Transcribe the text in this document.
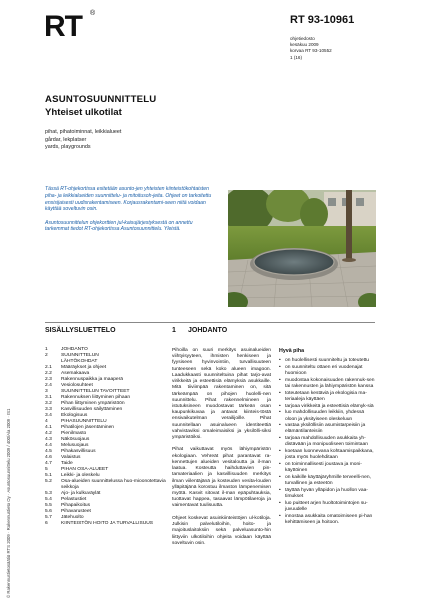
RT	®
RT 93-10961
ohjetiedosto
kesäkuu 2009
korvaa RT 93-10552
1 (16)
ASUNTOSUUNNITTELU
Yhteiset ulkotilat
pihat, pihatoiminnat, leikkialueet
gårdar, lekplatser
yards, playgrounds

Tässä RT-ohjekortissa esitetään asunto-jen yhteisten kiinteistökohtaisten piha- ja leikkialueiden suunnittelu- ja mitoitusoh-jeita. Ohjeet on tarkoitettu ensisijaisesti uudisrakentamiseen. Korjausrakentami-seen niitä voidaan käyttää soveltuvin osin.

Asuntosuunnittelun ohjekorttien jul-kaisujärjestyksestä on annettu tarkemmat tiedot RT-ohjekortissa Asuntosuunnittelu. Yleistä.

SISÄLLYSLUETTELO	1 JOHDANTO
1	JOHDANTO
2	SUUNNITTELUN
LÄHTÖKOHDAT
2.1	Määräykset ja ohjeet
2.2	Asemakaava
2.3	Rakennuspaikka ja maaperä
2.4	Vesiolosuhteet
3	SUUNNITTELUN TAVOITTEET
3.1	Rakennuksen liittyminen pihaan
3.2	Pihan liittyminen ympäristöön
3.3	Kasvillisuuden säilyttäminen
3.4	Ekologisuus
4	PIHASUUNNITTELU
4.1	Pihatilojen jäsentäminen
4.2	Pienilmasto
4.3	Näkösuojaus
4.4	Melusuojaus
4.5	Pihakasvillisuus
4.6	Valaistus
4.7	Taide
5	PIHAN OSA-ALUEET
5.1	Leikki- ja oleskelu
5.2	Osa-alueiden suunnittelussa huo-mioonotettavia seikkoja
5.3	Ajo- ja kulkuväylät
5.4	Pelastustiet
5.5	Pihapaikoitus
5.6	Pihavarusteet
5.7	Jätehuolto
6	KIINTEISTÖN HOITO JA TURVALLISUUS

Pihoilla on suuri merkitys asuinalueiden viihtyisyyteen, ihmisten henkiseen ja fyysiseen hyvinvointiin, turvallisuuteen tunteeseen sekä koko alueen imagoon. Laadukkaasti suunniteltuina pihat tarjo-avat virikkeitä ja esteettisiä elämyksiä asukkaille. Mitä tiiviimpää rakentaminen on, sitä tärkeämpää on pihojen huolelli-nen suunnittelu. Pihat rakennelmineen ja istutuksineen muodostavat tärkeän osan kaupunkikuvaa ja antavat kiinteis-töstä ensivaikutelman verailijoille. Pihat suunnitellaan asuinalueen identiteettiä vahvistaviksi omaleimaisiksi ja yksilölli-siksi ympäristöiksi.

Pihat vaikuttavat myös lähiympäristön ekologiaan. Vehreät pihat parantavat ra-kennettujen alueiden vesitaloutta ja il-man laatua. Kosteutta haihduttavien pin-tamateriaalien ja kasvillisuuden merkitys ilman viilentäjänä ja kosteuden vesita-louden ylläpitäjänä korostuu ilmaston lämpenemisen myötä. Kasvit sitovat il-man epäpuhtauksia, tuottavat happea, tasaavat lämpötilaeroja ja vaimentavat tuulisuutta.

Ohjeet koskevat asuinkiinteistöjen ul-kotiloja. Julkisin palvelutiloihin, hoito- ja majoituslaitoksiin sekä palveluasunto-hin liittyviin ulkotiloihin ohjeita voidaan käyttää soveltuvin osin.

Hyvä piha
• on huolellisesti suunniteltu ja toteutettu
• on suunniteltu ottaen eri vuodenajat huomioon
• muodostaa kokonaisuuden rakennuk-sen tai rakennusten ja lähiympäristön kanssa
• toteutetaan kestäviä ja ekologisia ma-teriaaleja käyttäen
• tarjoaa virikkeitä ja esteettisiä elämyk-siä
• luo mahdollisuuden leikkiin, yhdessä oloon ja yksityiseen oleskeluun
• vastaa yksilöllisiin asumistarpeisiin ja elämäntilanteisiin
• tarjoaa mahdollisuuden asukkaita yh-distävään ja monipuoliseen toimintaan
• koetaan luonnevana kohtaamispaikkana, josta myös huolehditaan
• on toiminnallisesti joustava ja moni-käyttöinen
• on kaikille käyttäjäryhmille terveelli-nen, turvallinen ja esteetön
• täyttää hyvän ylläpidon ja huollon vaa-timukset
• luo puitteet arjen huoltotoimintojen su-juvuudelle
• innostaa asukkaita omatoimiseen pi-han kehittämiseen ja hoitoon.
© Rakennustietosäätiö RTS 2009 · Rakennustieto Oy · Asuntosuunnittelu 2009 / 400/Ala 2009 · IS1
